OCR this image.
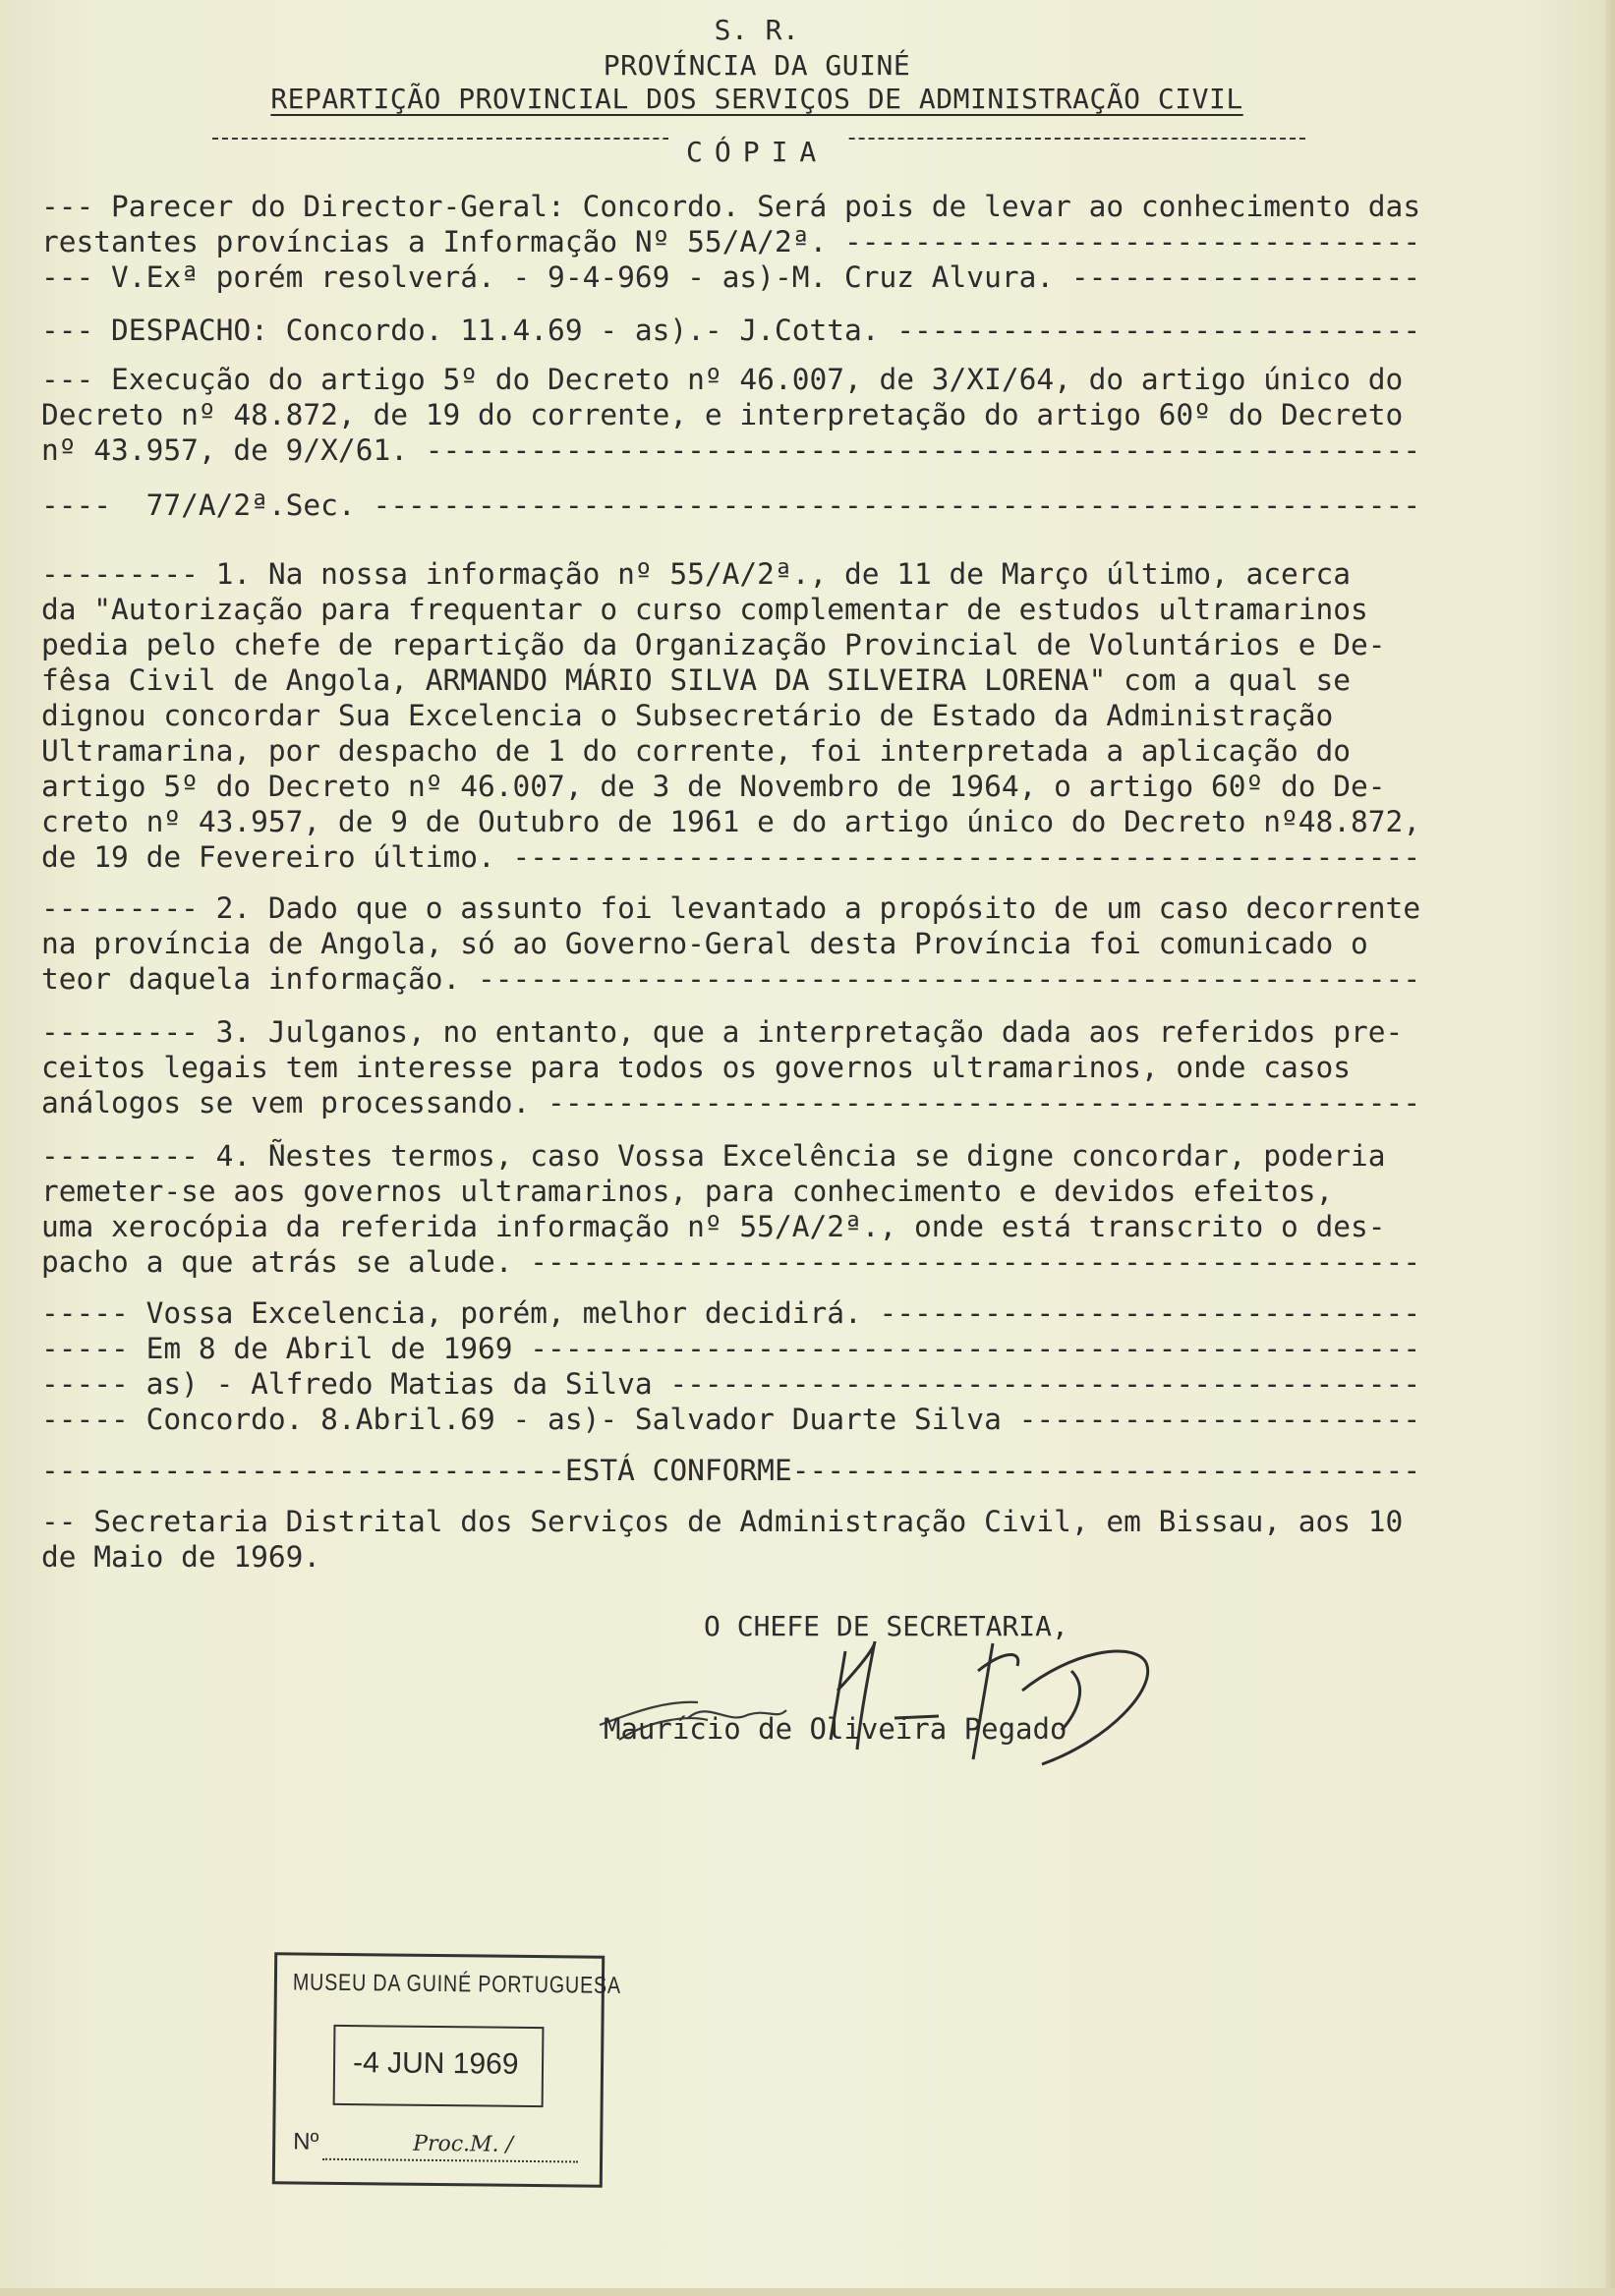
S. R.
PROVÍNCIA DA GUINÉ
REPARTIÇÃO PROVINCIAL DOS SERVIÇOS DE ADMINISTRAÇÃO CIVIL
CÓPIA
--- Parecer do Director-Geral: Concordo. Será pois de levar ao conhecimento das
restantes províncias a Informação Nº 55/A/2ª. ---------------------------------
--- V.Exª porém resolverá. - 9-4-969 - as)-M. Cruz Alvura. --------------------
--- DESPACHO: Concordo. 11.4.69 - as).- J.Cotta. ------------------------------
--- Execução do artigo 5º do Decreto nº 46.007, de 3/XI/64, do artigo único do
Decreto nº 48.872, de 19 do corrente, e interpretação do artigo 60º do Decreto
nº 43.957, de 9/X/61. ---------------------------------------------------------
----  77/A/2ª.Sec. ------------------------------------------------------------
--------- 1. Na nossa informação nº 55/A/2ª., de 11 de Março último, acerca
da "Autorização para frequentar o curso complementar de estudos ultramarinos
pedia pelo chefe de repartição da Organização Provincial de Voluntários e De-
fêsa Civil de Angola, ARMANDO MÁRIO SILVA DA SILVEIRA LORENA" com a qual se
dignou concordar Sua Excelencia o Subsecretário de Estado da Administração
Ultramarina, por despacho de 1 do corrente, foi interpretada a aplicação do
artigo 5º do Decreto nº 46.007, de 3 de Novembro de 1964, o artigo 60º do De-
creto nº 43.957, de 9 de Outubro de 1961 e do artigo único do Decreto nº48.872,
de 19 de Fevereiro último. ----------------------------------------------------
--------- 2. Dado que o assunto foi levantado a propósito de um caso decorrente
na província de Angola, só ao Governo-Geral desta Província foi comunicado o
teor daquela informação. ------------------------------------------------------
--------- 3. Julganos, no entanto, que a interpretação dada aos referidos pre-
ceitos legais tem interesse para todos os governos ultramarinos, onde casos
análogos se vem processando. --------------------------------------------------
--------- 4. Ñestes termos, caso Vossa Excelência se digne concordar, poderia
remeter-se aos governos ultramarinos, para conhecimento e devidos efeitos,
uma xerocópia da referida informação nº 55/A/2ª., onde está transcrito o des-
pacho a que atrás se alude. ---------------------------------------------------
----- Vossa Excelencia, porém, melhor decidirá. -------------------------------
----- Em 8 de Abril de 1969 ---------------------------------------------------
----- as) - Alfredo Matias da Silva -------------------------------------------
----- Concordo. 8.Abril.69 - as)- Salvador Duarte Silva -----------------------
------------------------------ESTÁ CONFORME------------------------------------
-- Secretaria Distrital dos Serviços de Administração Civil, em Bissau, aos 10
de Maio de 1969.
O CHEFE DE SECRETARIA,
Maurício de Oliveira Pegado
MUSEU DA GUINÉ PORTUGUESA
-4 JUN 1969
Nº	Proc.M. /
